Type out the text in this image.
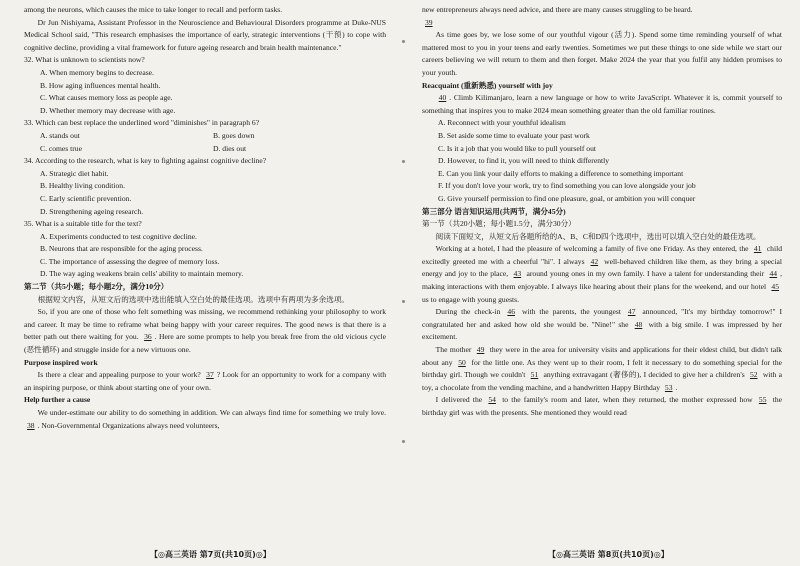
among the neurons, which causes the mice to take longer to recall and perform tasks.

Dr Jun Nishiyama, Assistant Professor in the Neuroscience and Behavioural Disorders programme at Duke-NUS Medical School said, "This research emphasises the importance of early, strategic interventions (干预) to cope with cognitive decline, providing a vital framework for future ageing research and brain health maintenance."

32. What is unknown to scientists now?

A. When memory begins to decrease.

B. How aging influences mental health.

C. What causes memory loss as people age.

D. Whether memory may decrease with age.

33. Which can best replace the underlined word "diminishes" in paragraph 6?

A. stands out	B. goes down
C. comes true	D. dies out

34. According to the research, what is key to fighting against cognitive decline?

A. Strategic diet habit.

B. Healthy living condition.

C. Early scientific prevention.

D. Strengthening ageing research.

35. What is a suitable title for the text?

A. Experiments conducted to test cognitive decline.

B. Neurons that are responsible for the aging process.

C. The importance of assessing the degree of memory loss.

D. The way aging weakens brain cells' ability to maintain memory.

第二节（共5小题；每小题2分，满分10分）

根据短文内容，从短文后的选项中选出能填入空白处的最佳选项。选项中有两项为多余选项。

So, if you are one of those who felt something was missing, we recommend rethinking your philosophy to work and career. It may be time to reframe what being happy with your career requires. The good news is that there is a better path out there waiting for you. 36 . Here are some prompts to help you break free from the old vicious cycle (恶性循环) and struggle inside for a new virtuous one.

Purpose inspired work

Is there a clear and appealing purpose to your work? 37 ? Look for an opportunity to work for a company with an inspiring purpose, or think about starting one of your own.

Help further a cause

We under-estimate our ability to do something in addition. We can always find time for something we truly love. 38 . Non-Governmental Organizations always need volunteers,

【◎高三英语 第7页(共10页)◎】

new entrepreneurs always need advice, and there are many causes struggling to be heard.

39

As time goes by, we lose some of our youthful vigour (活力). Spend some time reminding yourself of what mattered most to you in your teens and early twenties. Sometimes we put these things to one side while we start our careers believing we will return to them and then forget. Make 2024 the year that you fulfil any hidden promises to your youth.

Reacquaint (重新熟悉) yourself with joy

40 . Climb Kilimanjaro, learn a new language or how to write JavaScript. Whatever it is, commit yourself to something that inspires you to make 2024 mean something greater than the old familiar routines.

A. Reconnect with your youthful idealism

B. Set aside some time to evaluate your past work

C. Is it a job that you would like to pull yourself out

D. However, to find it, you will need to think differently

E. Can you link your daily efforts to making a difference to something important

F. If you don't love your work, try to find something you can love alongside your job

G. Give yourself permission to find one pleasure, goal, or ambition you will conquer

第三部分 语言知识运用(共两节，满分45分)

第一节（共20小题；每小题1.5分，满分30分）

阅读下面短文，从短文后各题所给的A、B、C和D四个选项中，选出可以填入空白处的最佳选项。

Working at a hotel, I had the pleasure of welcoming a family of five one Friday. As they entered, the 41 child excitedly greeted me with a cheerful "hi". I always 42 well-behaved children like them, as they bring a special energy and joy to the place, 43 around young ones in my own family. I have a talent for understanding their 44 , making interactions with them enjoyable. I always like hearing about their plans for the weekend, and our hotel 45 us to engage with young guests.

During the check-in 46 with the parents, the youngest 47 announced, "It's my birthday tomorrow!" I congratulated her and asked how old she would be. "Nine!" she 48 with a big smile. I was impressed by her excitement.

The mother 49 they were in the area for university visits and applications for their eldest child, but didn't talk about any 50 for the little one. As they went up to their room, I felt it necessary to do something special for the birthday girl. Though we couldn't 51 anything extravagant (奢侈的), I decided to give her a children's 52 with a toy, a chocolate from the vending machine, and a handwritten Happy Birthday 53 .

I delivered the 54 to the family's room and later, when they returned, the mother expressed how 55 the birthday girl was with the presents. She mentioned they would read

【◎高三英语 第8页(共10页)◎】
